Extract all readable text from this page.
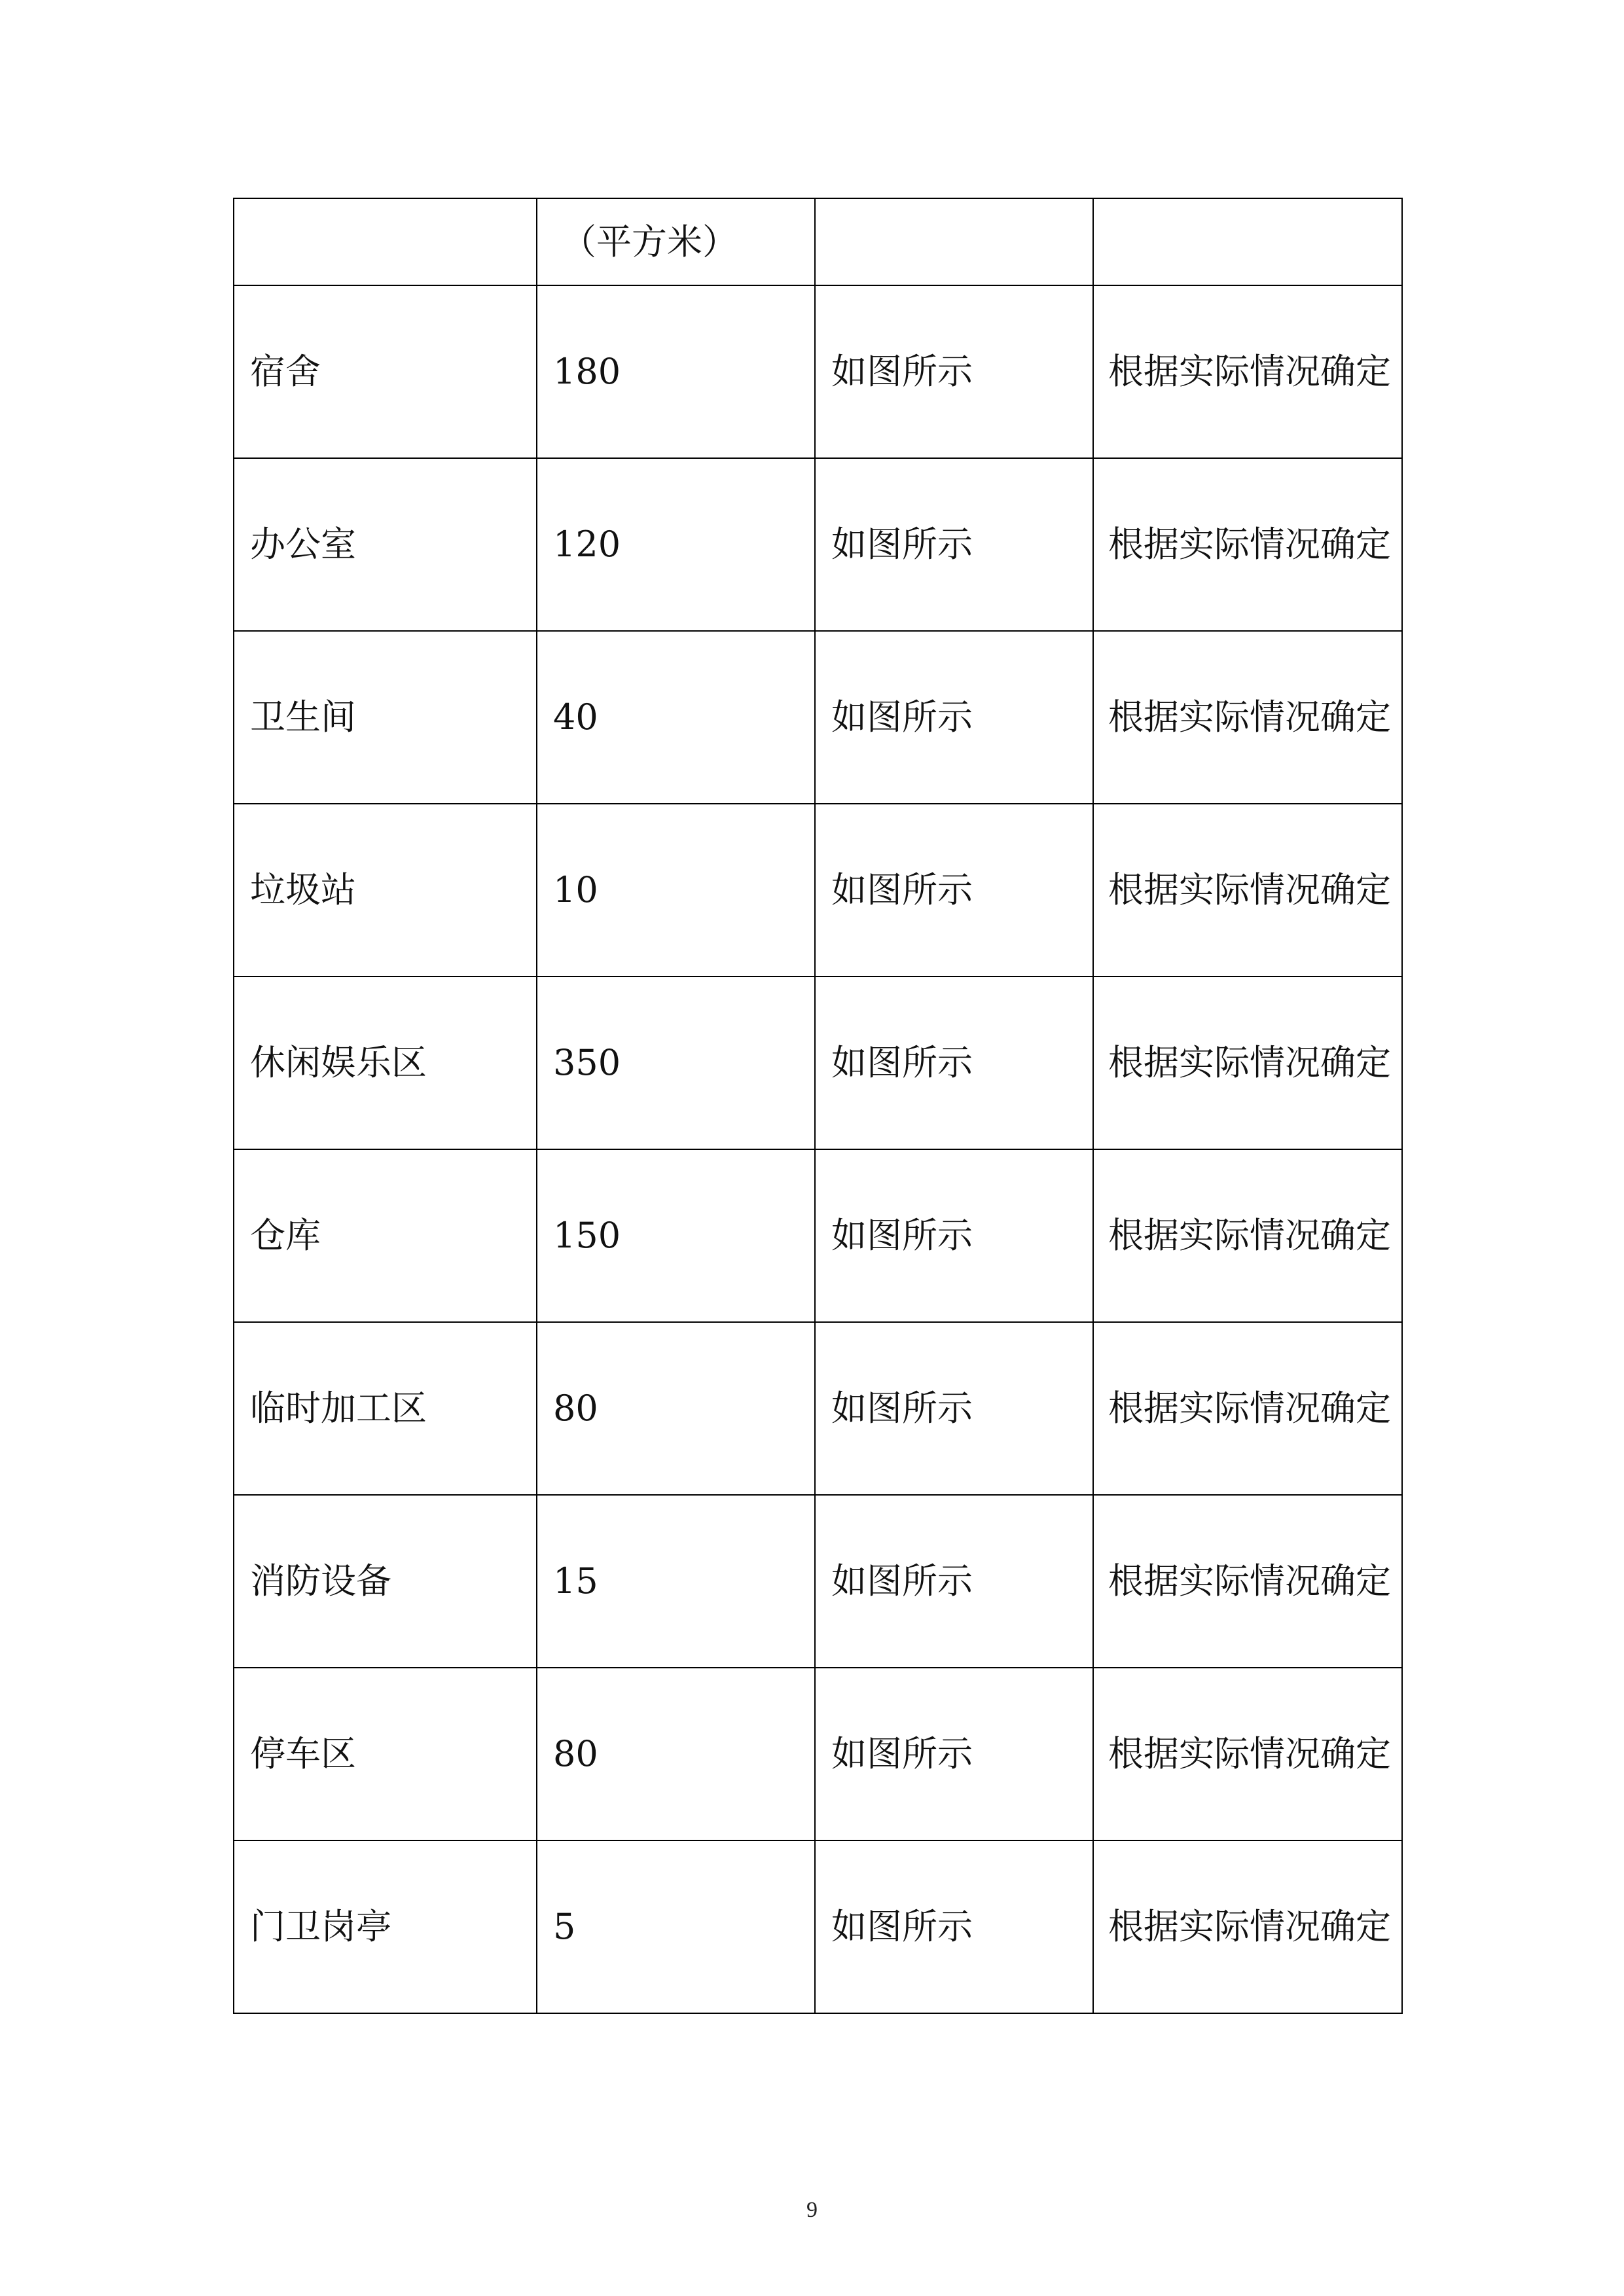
	（平方米）		
宿舍	180	如图所示	根据实际情况确定
办公室	120	如图所示	根据实际情况确定
卫生间	40	如图所示	根据实际情况确定
垃圾站	10	如图所示	根据实际情况确定
休闲娱乐区	350	如图所示	根据实际情况确定
仓库	150	如图所示	根据实际情况确定
临时加工区	80	如图所示	根据实际情况确定
消防设备	15	如图所示	根据实际情况确定
停车区	80	如图所示	根据实际情况确定
门卫岗亭	5	如图所示	根据实际情况确定
9
